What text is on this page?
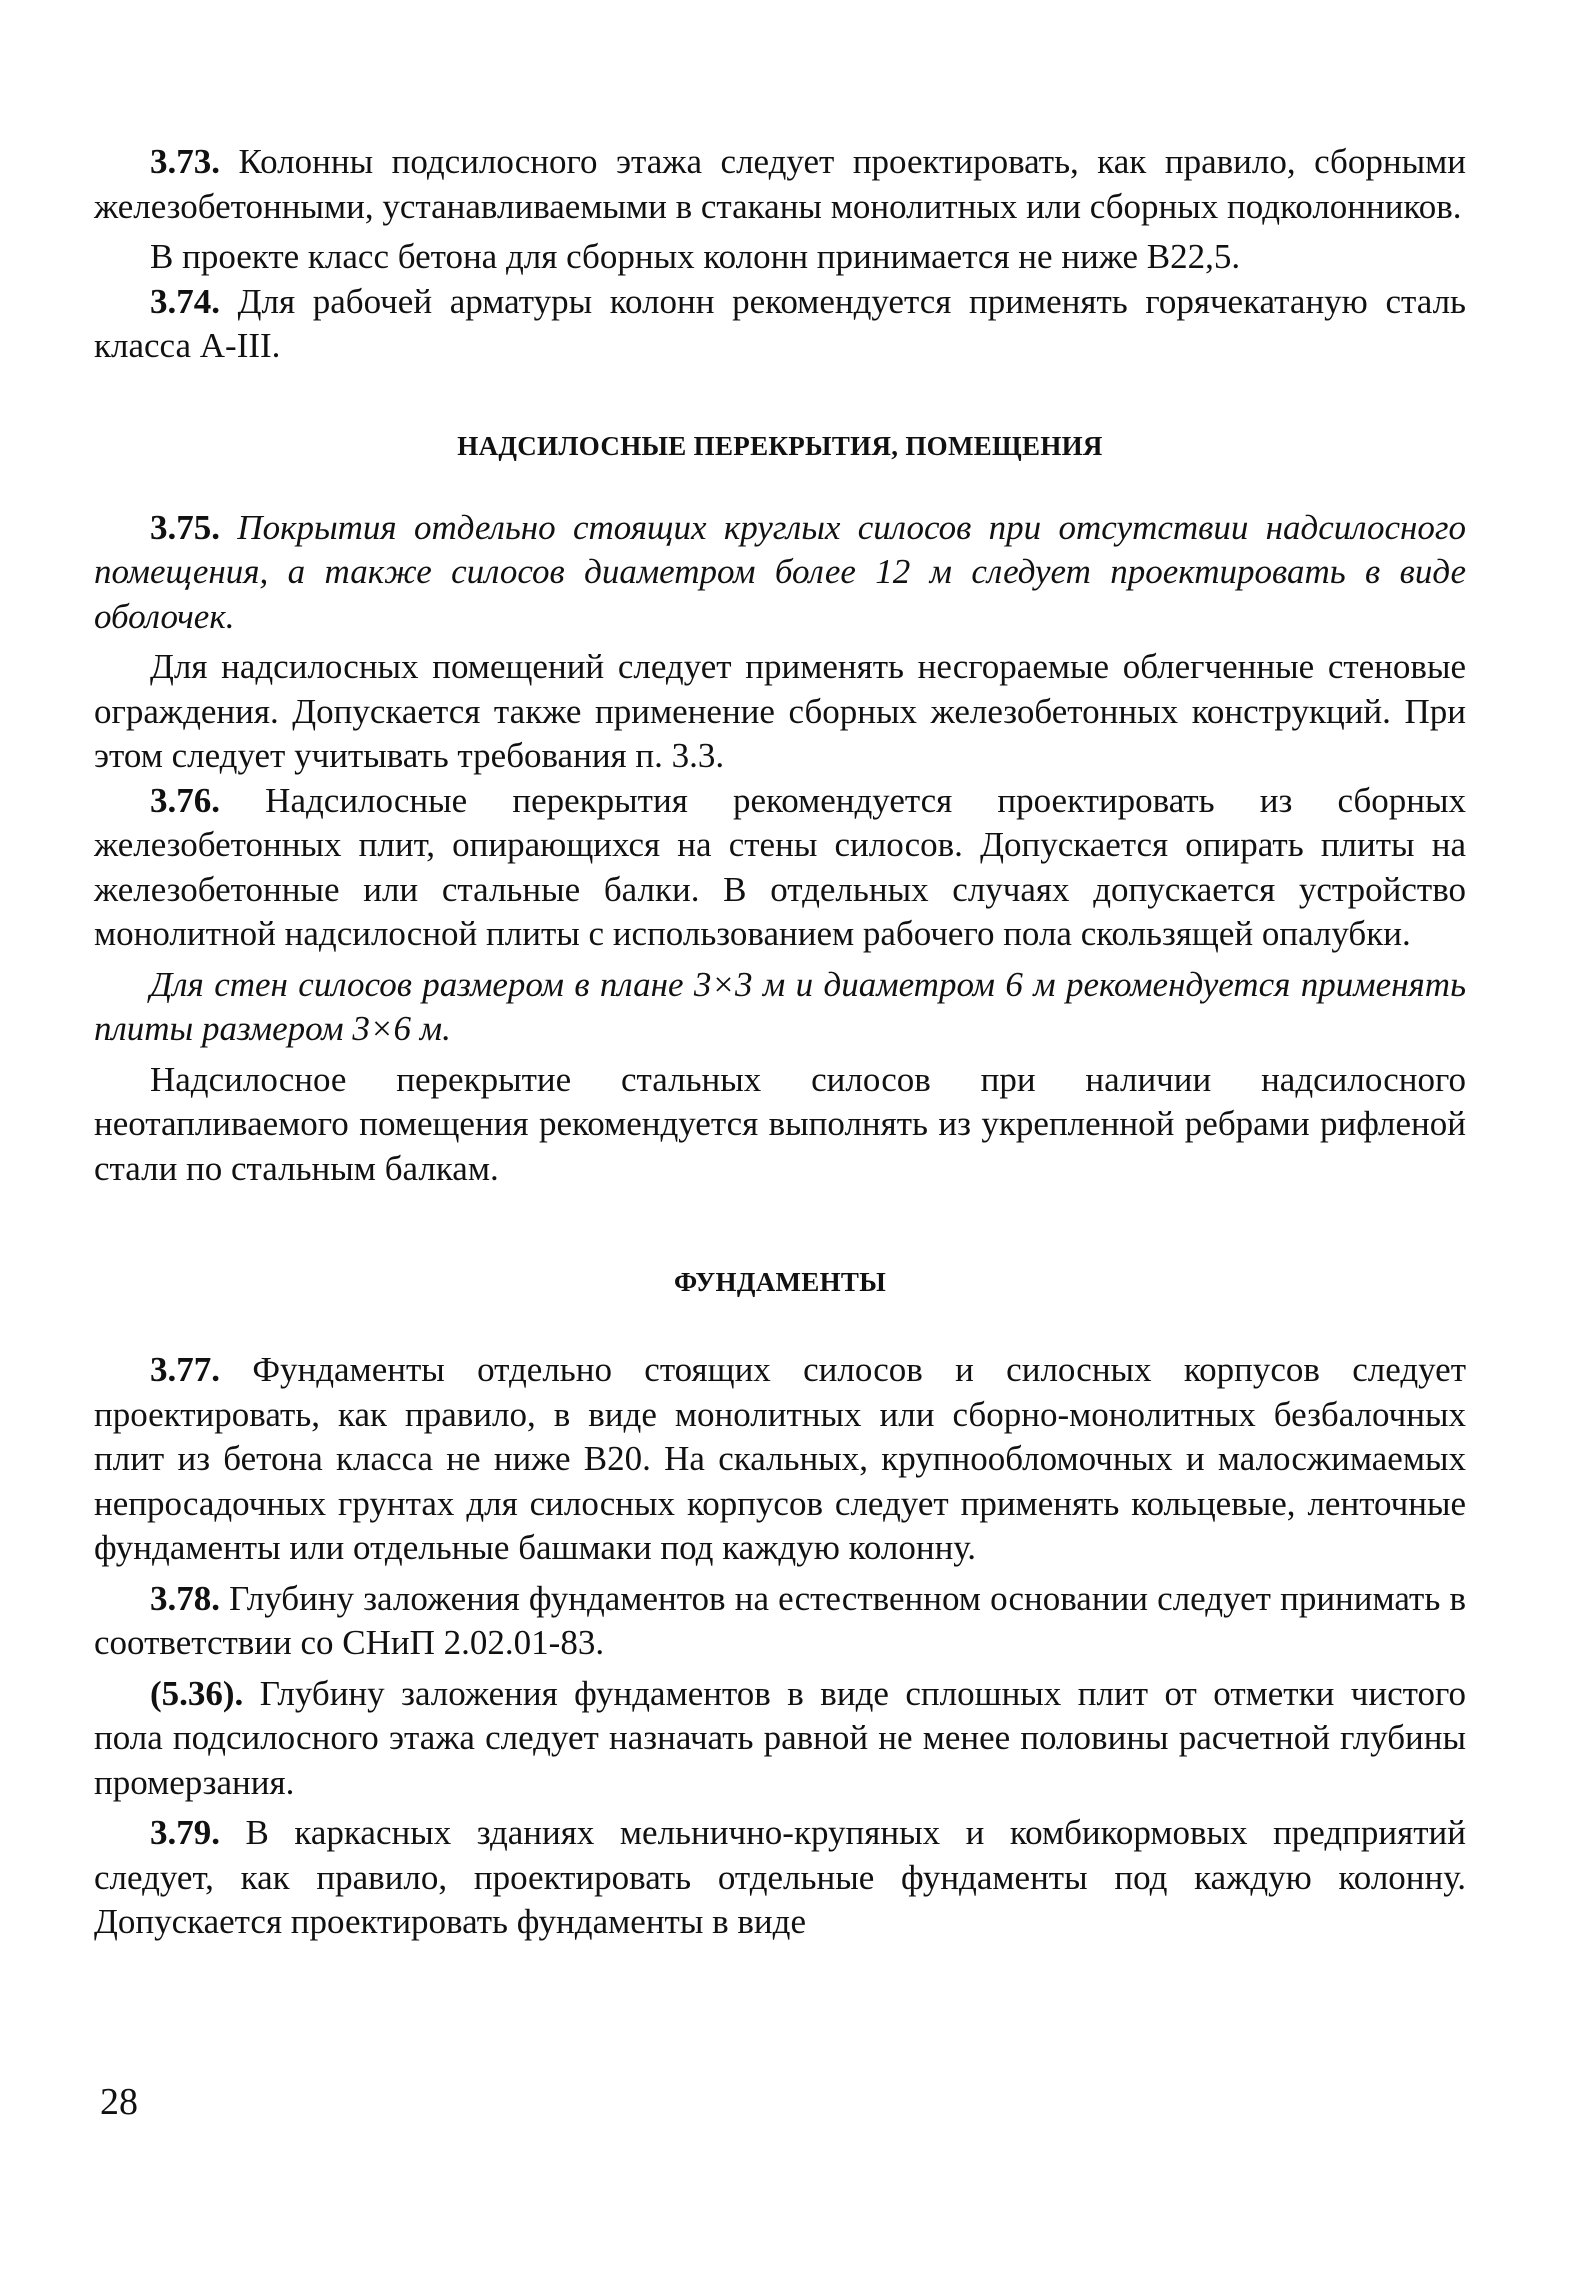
3.73. Колонны подсилосного этажа следует проектировать, как правило, сборными железобетонными, устанавливаемыми в стаканы монолитных или сборных подколонников.

В проекте класс бетона для сборных колонн принимается не ниже В22,5.

3.74. Для рабочей арматуры колонн рекомендуется применять горячекатаную сталь класса А-III.

НАДСИЛОСНЫЕ ПЕРЕКРЫТИЯ, ПОМЕЩЕНИЯ

3.75. Покрытия отдельно стоящих круглых силосов при отсутствии надсилосного помещения, а также силосов диаметром более 12 м следует проектировать в виде оболочек.

Для надсилосных помещений следует применять несгораемые облегченные стеновые ограждения. Допускается также применение сборных железобетонных конструкций. При этом следует учитывать требования п. 3.3.

3.76. Надсилосные перекрытия рекомендуется проектировать из сборных железобетонных плит, опирающихся на стены силосов. Допускается опирать плиты на железобетонные или стальные балки. В отдельных случаях допускается устройство монолитной надсилосной плиты с использованием рабочего пола скользящей опалубки.

Для стен силосов размером в плане 3×3 м и диаметром 6 м рекомендуется применять плиты размером 3×6 м.

Надсилосное перекрытие стальных силосов при наличии надсилосного неотапливаемого помещения рекомендуется выполнять из укрепленной ребрами рифленой стали по стальным балкам.

ФУНДАМЕНТЫ

3.77. Фундаменты отдельно стоящих силосов и силосных корпусов следует проектировать, как правило, в виде монолитных или сборно-монолитных безбалочных плит из бетона класса не ниже В20. На скальных, крупнообломочных и малосжимаемых непросадочных грунтах для силосных корпусов следует применять кольцевые, ленточные фундаменты или отдельные башмаки под каждую колонну.

3.78. Глубину заложения фундаментов на естественном основании следует принимать в соответствии со СНиП 2.02.01-83.

(5.36). Глубину заложения фундаментов в виде сплошных плит от отметки чистого пола подсилосного этажа следует назначать равной не менее половины расчетной глубины промерзания.

3.79. В каркасных зданиях мельнично-крупяных и комбикормовых предприятий следует, как правило, проектировать отдельные фундаменты под каждую колонну. Допускается проектировать фундаменты в виде

28
